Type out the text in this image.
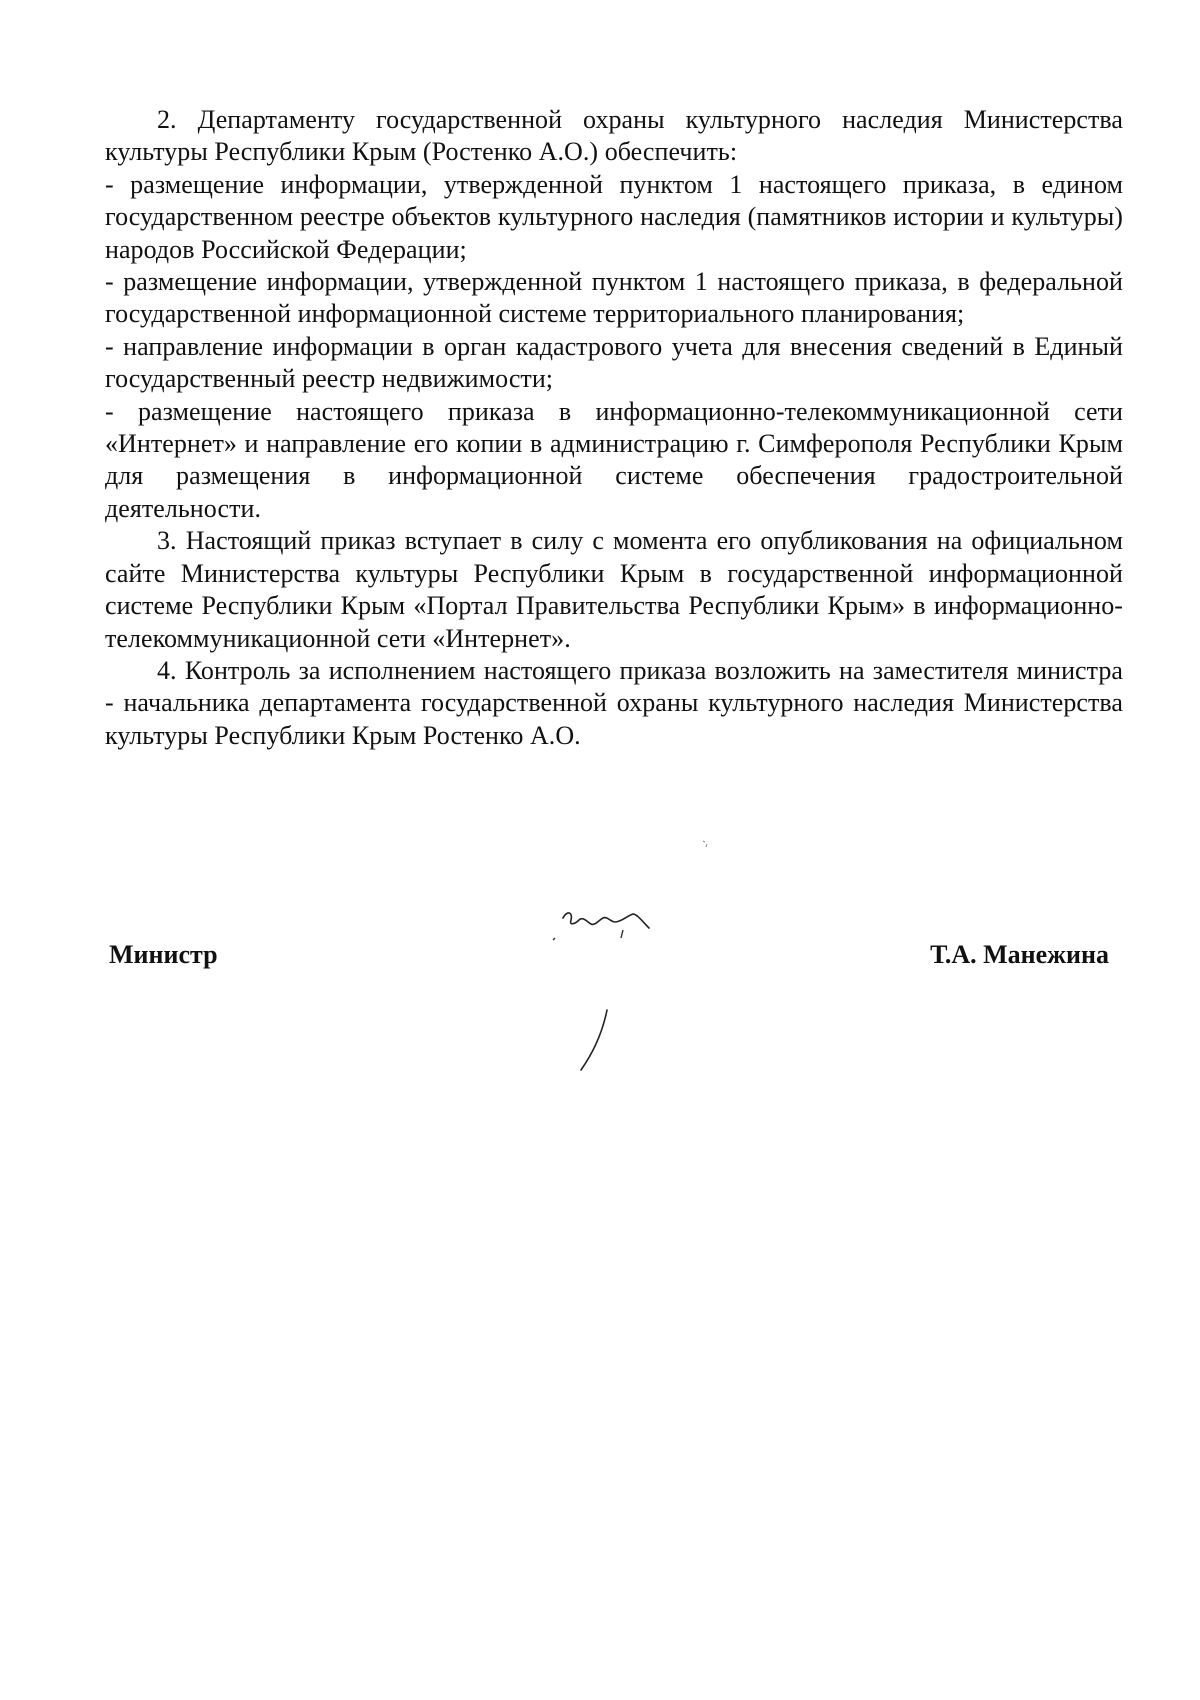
2. Департаменту государственной охраны культурного наследия Министерства культуры Республики Крым (Ростенко А.О.) обеспечить:

- размещение информации, утвержденной пунктом 1 настоящего приказа, в едином государственном реестре объектов культурного наследия (памятников истории и культуры) народов Российской Федерации;

- размещение информации, утвержденной пунктом 1 настоящего приказа, в федеральной государственной информационной системе территориального планирования;

- направление информации в орган кадастрового учета для внесения сведений в Единый государственный реестр недвижимости;

- размещение настоящего приказа в информационно-телекоммуникационной сети «Интернет» и направление его копии в администрацию г. Симферополя Республики Крым для размещения в информационной системе обеспечения градостроительной деятельности.

3. Настоящий приказ вступает в силу с момента его опубликования на официальном сайте Министерства культуры Республики Крым в государственной информационной системе Республики Крым «Портал Правительства Республики Крым» в информационно-телекоммуникационной сети «Интернет».

4. Контроль за исполнением настоящего приказа возложить на заместителя министра - начальника департамента государственной охраны культурного наследия Министерства культуры Республики Крым Ростенко А.О.

Министр	Т.А. Манежина
